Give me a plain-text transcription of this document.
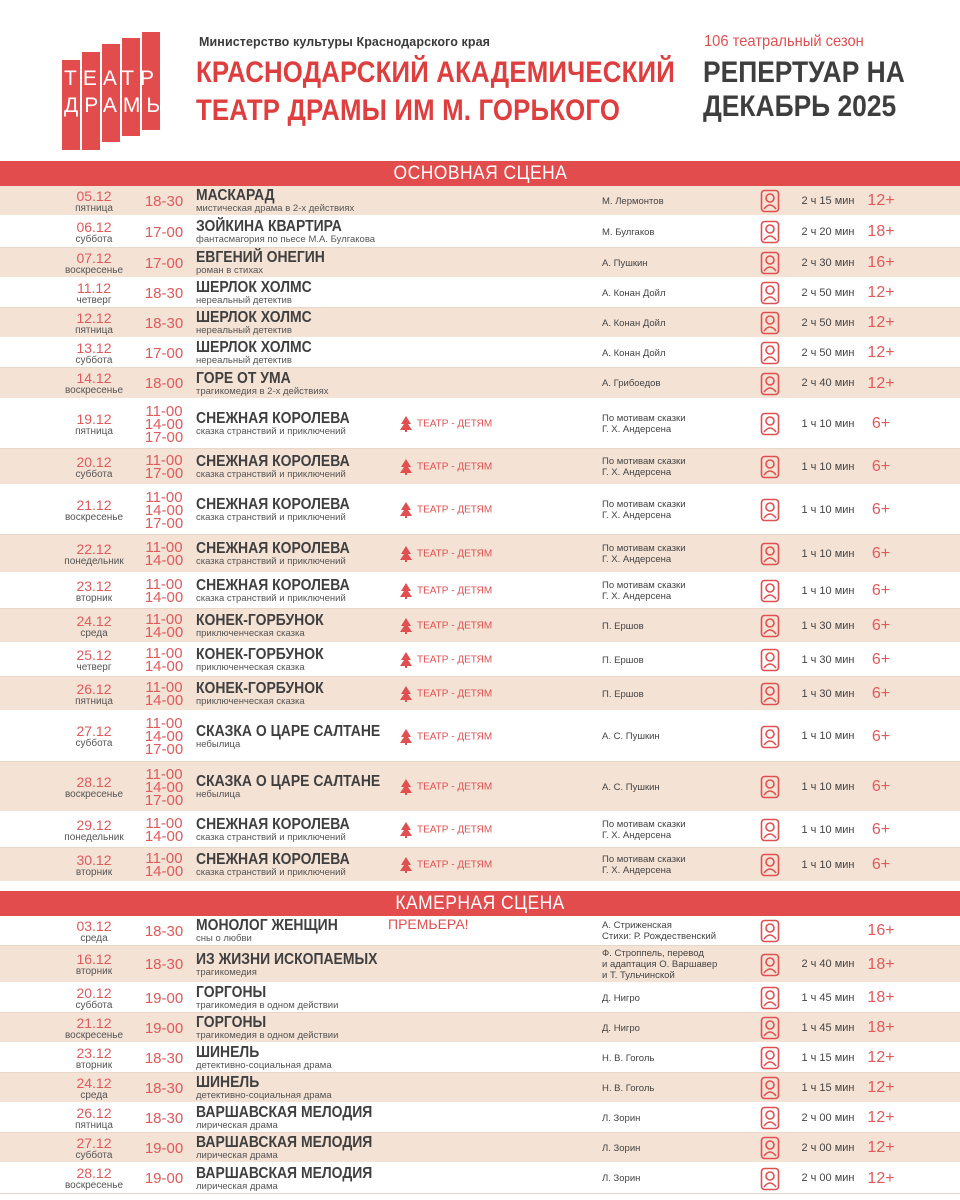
ТЕАТР
ДРАМЫ
Министерство культуры Краснодарского края
КРАСНОДАРСКИЙ АКАДЕМИЧЕСКИЙ
ТЕАТР ДРАМЫ ИМ М. ГОРЬКОГО
106 театральный сезон
РЕПЕРТУАР НА
ДЕКАБРЬ 2025
ОСНОВНАЯ СЦЕНА
05.12
пятница	18-30 МАСКАРАД
мистическая драма в 2-х действиях
М. Лермонтов	2 ч 15 мин 12+
06.12
суббота	17-00 ЗОЙКИНА КВАРТИРА
фантасмагория по пьесе М.А. Булгакова
М. Булгаков	2 ч 20 мин 18+
07.12
воскресенье	17-00 ЕВГЕНИЙ ОНЕГИН
роман в стихах
А. Пушкин	2 ч 30 мин 16+
11.12
четверг	18-30 ШЕРЛОК ХОЛМС
нереальный детектив
А. Конан Дойл	2 ч 50 мин 12+
12.12
пятница	18-30 ШЕРЛОК ХОЛМС
нереальный детектив
А. Конан Дойл	2 ч 50 мин 12+
13.12
суббота	17-00 ШЕРЛОК ХОЛМС
нереальный детектив
А. Конан Дойл	2 ч 50 мин 12+
14.12
воскресенье	18-00 ГОРЕ ОТ УМА
трагикомедия в 2-х действиях
А. Грибоедов	2 ч 40 мин 12+
19.12
пятница
11-00
14-00
17-00
СНЕЖНАЯ КОРОЛЕВА
сказка странствий и приключений
ТЕАТР - ДЕТЯМ
По мотивам сказки
Г. Х. Андерсена	1 ч 10 мин	6+
20.12
суббота
11-00
17-00
СНЕЖНАЯ КОРОЛЕВА
сказка странствий и приключений
ТЕАТР - ДЕТЯМ
По мотивам сказки
Г. Х. Андерсена	1 ч 10 мин	6+
21.12
воскресенье
11-00
14-00
17-00
СНЕЖНАЯ КОРОЛЕВА
сказка странствий и приключений
ТЕАТР - ДЕТЯМ
По мотивам сказки
Г. Х. Андерсена	1 ч 10 мин	6+
22.12
понедельник
11-00
14-00
СНЕЖНАЯ КОРОЛЕВА
сказка странствий и приключений
ТЕАТР - ДЕТЯМ
По мотивам сказки
Г. Х. Андерсена	1 ч 10 мин	6+
23.12
вторник
11-00
14-00
СНЕЖНАЯ КОРОЛЕВА
сказка странствий и приключений
ТЕАТР - ДЕТЯМ
По мотивам сказки
Г. Х. Андерсена	1 ч 10 мин	6+
24.12
среда
11-00
14-00
КОНЕК-ГОРБУНОК
приключенческая сказка
ТЕАТР - ДЕТЯМ	П. Ершов	1 ч 30 мин	6+
25.12
четверг
11-00
14-00
КОНЕК-ГОРБУНОК
приключенческая сказка
ТЕАТР - ДЕТЯМ	П. Ершов	1 ч 30 мин	6+
26.12
пятница
11-00
14-00
КОНЕК-ГОРБУНОК
приключенческая сказка
ТЕАТР - ДЕТЯМ	П. Ершов	1 ч 30 мин	6+
27.12
суббота
11-00
14-00
17-00
СКАЗКА О ЦАРЕ САЛТАНЕ
небылица
ТЕАТР - ДЕТЯМ	А. С. Пушкин	1 ч 10 мин	6+
28.12
воскресенье
11-00
14-00
17-00
СКАЗКА О ЦАРЕ САЛТАНЕ
небылица
ТЕАТР - ДЕТЯМ	А. С. Пушкин	1 ч 10 мин	6+
29.12
понедельник
11-00
14-00
СНЕЖНАЯ КОРОЛЕВА
сказка странствий и приключений
ТЕАТР - ДЕТЯМ
По мотивам сказки
Г. Х. Андерсена	1 ч 10 мин	6+
30.12
вторник
11-00
14-00
СНЕЖНАЯ КОРОЛЕВА
сказка странствий и приключений
ТЕАТР - ДЕТЯМ
По мотивам сказки
Г. Х. Андерсена	1 ч 10 мин	6+
КАМЕРНАЯ СЦЕНА
03.12
среда	18-30 МОНОЛОГ ЖЕНЩИН
сны о любви
ПРЕМЬЕРА!	А. Стриженская
Стихи: Р. Рождественский	16+
16.12
вторник	18-30 ИЗ ЖИЗНИ ИСКОПАЕМЫХ
трагикомедия
Ф. Строппель, перевод
и адаптация О. Варшавер
и Т. Тульчинской
2 ч 40 мин 18+
20.12
суббота	19-00 ГОРГОНЫ
трагикомедия в одном действии
Д. Нигро	1 ч 45 мин 18+
21.12
воскресенье	19-00 ГОРГОНЫ
трагикомедия в одном действии
Д. Нигро	1 ч 45 мин 18+
23.12
вторник	18-30 ШИНЕЛЬ
детективно-социальная драма
Н. В. Гоголь	1 ч 15 мин 12+
24.12
среда	18-30 ШИНЕЛЬ
детективно-социальная драма
Н. В. Гоголь	1 ч 15 мин 12+
26.12
пятница	18-30 ВАРШАВСКАЯ МЕЛОДИЯ
лирическая драма
Л. Зорин	2 ч 00 мин 12+
27.12
суббота	19-00 ВАРШАВСКАЯ МЕЛОДИЯ
лирическая драма
Л. Зорин	2 ч 00 мин 12+
28.12
воскресенье	19-00 ВАРШАВСКАЯ МЕЛОДИЯ
лирическая драма
Л. Зорин	2 ч 00 мин 12+
